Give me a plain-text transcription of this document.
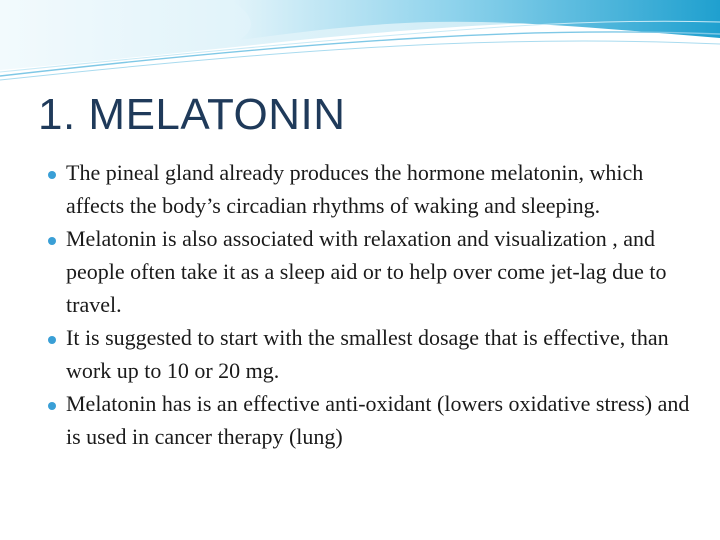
1. MELATONIN
The pineal gland already produces the hormone melatonin, which affects the body’s circadian rhythms of waking and sleeping.
Melatonin is also associated with relaxation and visualization , and people often take it as a sleep aid or to help over come jet-lag due to travel.
It is suggested to start with the smallest dosage that is effective, than work up to 10 or 20 mg.
Melatonin has is an effective anti-oxidant (lowers oxidative stress) and is used in cancer therapy (lung)
